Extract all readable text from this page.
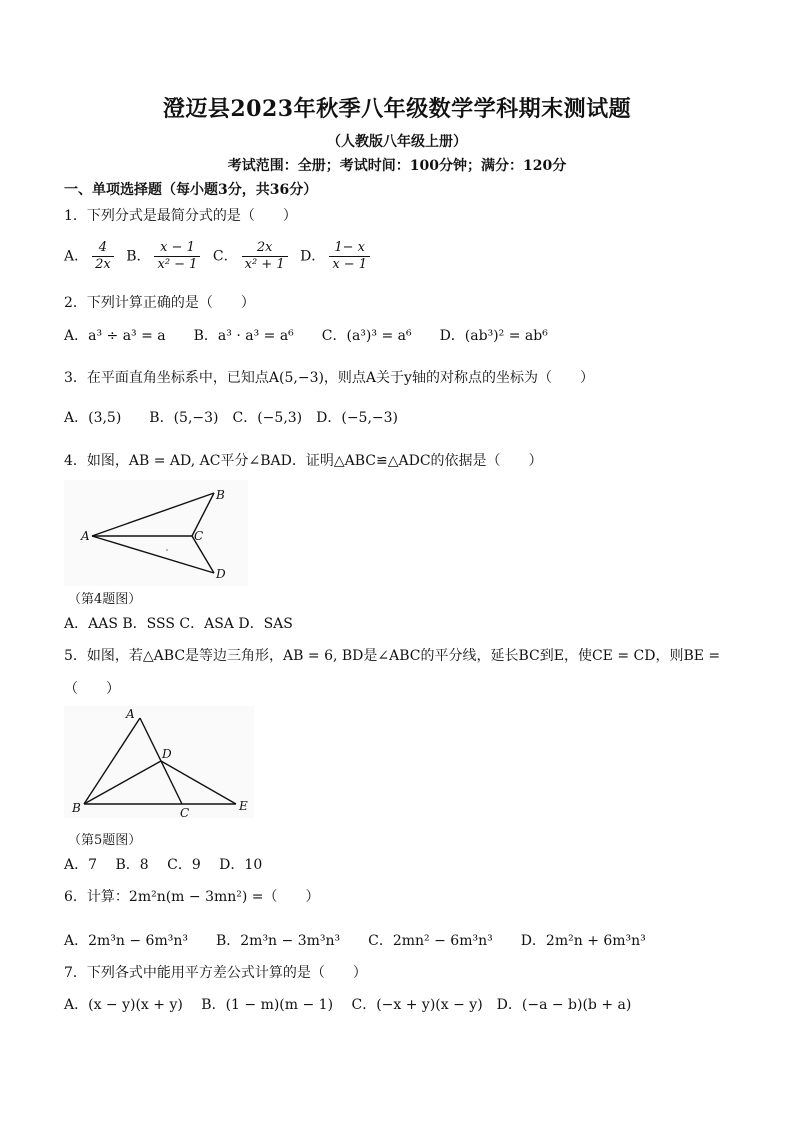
澄迈县2023年秋季八年级数学学科期末测试题
（人教版八年级上册）
考试范围：全册；考试时间：100分钟；满分：120分
一、单项选择题（每小题3分，共36分）
1．下列分式是最简分式的是（　　）
A． $\frac{4}{2x}$ B． $\frac{x - 1}{\text{x² − 1}}$ C． $\frac{2x}{\text{x² + 1}}$ D． $\frac{1- x}{x - 1}$
2．下列计算正确的是（　　）
A．a³ ÷ a³ = a　　B．a³ · a³ = a⁶　　C．(a³)³ = a⁶　　D．(ab³)² = ab⁶
3．在平面直角坐标系中，已知点A(5,−3)，则点A关于y轴的对称点的坐标为（　　）
A．(3,5)　　B．(5,−3)　C．(−5,3)　D．(−5,−3)
4．如图，AB = AD, AC平分∠BAD．证明△ABC≌△ADC的依据是（　　）
A
B
C
D
（第4题图）
A．AAS B．SSS C．ASA D．SAS
5．如图，若△ABC是等边三角形，AB = 6, BD是∠ABC的平分线，延长BC到E，使CE = CD，则BE =
（　　）
A
B	C
D
E
（第5题图）
A．7　 B．8　 C．9　 D．10
6．计算：2m²n(m − 3mn²) =（　　）
A．2m³n − 6m³n³　　B．2m³n − 3m³n³　　C．2mn² − 6m³n³　　D．2m²n + 6m³n³
7．下列各式中能用平方差公式计算的是（　　）
A．(x − y)(x + y)　 B．(1 − m)(m − 1)　 C．(−x + y)(x − y)　D．(−a − b)(b + a)
